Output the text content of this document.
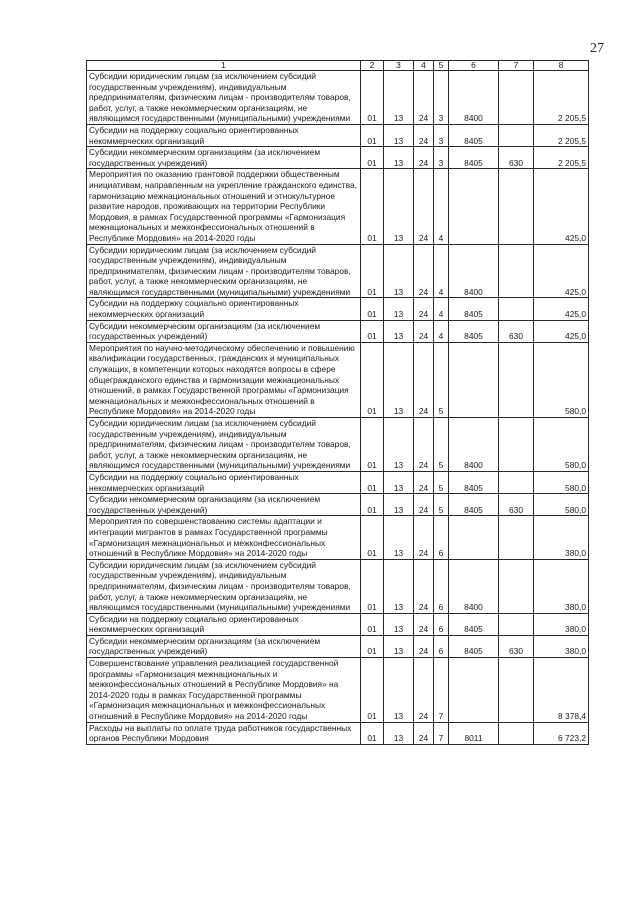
27
1	2	3	4	5	6	7	8
Субсидии юридическим лицам (за исключением субсидий государственным учреждениям), индивидуальным предпринимателям, физическим лицам - производителям товаров, работ, услуг, а также некоммерческим организациям, не являющимся государственными (муниципальными) учреждениями	01	13	24	3	8400		2 205,5
Субсидии на поддержку социально ориентированных некоммерческих организаций	01	13	24	3	8405		2 205,5
Субсидии некоммерческим организациям (за исключением государственных учреждений)	01	13	24	3	8405	630	2 205,5
Мероприятия по оказанию грантовой поддержки общественным инициативам, направленным на укрепление гражданского единства, гармонизацию межнациональных отношений и этнокультурное развитие народов, проживающих на территории Республики Мордовия, в рамках Государственной программы «Гармонизация межнациональных и межконфессиональных отношений в Республике Мордовия» на 2014-2020 годы	01	13	24	4			425,0
Субсидии юридическим лицам (за исключением субсидий государственным учреждениям), индивидуальным предпринимателям, физическим лицам - производителям товаров, работ, услуг, а также некоммерческим организациям, не являющимся государственными (муниципальными) учреждениями	01	13	24	4	8400		425,0
Субсидии на поддержку социально ориентированных некоммерческих организаций	01	13	24	4	8405		425,0
Субсидии некоммерческим организациям (за исключением государственных учреждений)	01	13	24	4	8405	630	425,0
Мероприятия по научно-методическому обеспечению и повышению квалификации государственных, гражданских и муниципальных служащих, в компетенции которых находятся вопросы в сфере общегражданского единства и гармонизации межнациональных отношений, в рамках Государственной программы «Гармонизация межнациональных и межконфессиональных отношений в Республике Мордовия» на 2014-2020 годы	01	13	24	5			580,0
Субсидии юридическим лицам (за исключением субсидий государственным учреждениям), индивидуальным предпринимателям, физическим лицам - производителям товаров, работ, услуг, а также некоммерческим организациям, не являющимся государственными (муниципальными) учреждениями	01	13	24	5	8400		580,0
Субсидии на поддержку социально ориентированных некоммерческих организаций	01	13	24	5	8405		580,0
Субсидии некоммерческим организациям (за исключением государственных учреждений)	01	13	24	5	8405	630	580,0
Мероприятия по совершенствованию системы адаптации и интеграции мигрантов в рамках Государственной программы «Гармонизация межнациональных и межконфессиональных отношений в Республике Мордовия» на 2014-2020 годы	01	13	24	6			380,0
Субсидии юридическим лицам (за исключением субсидий государственным учреждениям), индивидуальным предпринимателям, физическим лицам - производителям товаров, работ, услуг, а также некоммерческим организациям, не являющимся государственными (муниципальными) учреждениями	01	13	24	6	8400		380,0
Субсидии на поддержку социально ориентированных некоммерческих организаций	01	13	24	6	8405		380,0
Субсидии некоммерческим организациям (за исключением государственных учреждений)	01	13	24	6	8405	630	380,0
Совершенствование управления реализацией государственной программы «Гармонизация межнациональных и межконфессиональных отношений в Республике Мордовия» на 2014-2020 годы в рамках Государственной программы «Гармонизация межнациональных и межконфессиональных отношений в Республике Мордовия» на 2014-2020 годы	01	13	24	7			8 378,4
Расходы на выплаты по оплате труда работников государственных органов Республики Мордовия	01	13	24	7	8011		6 723,2
